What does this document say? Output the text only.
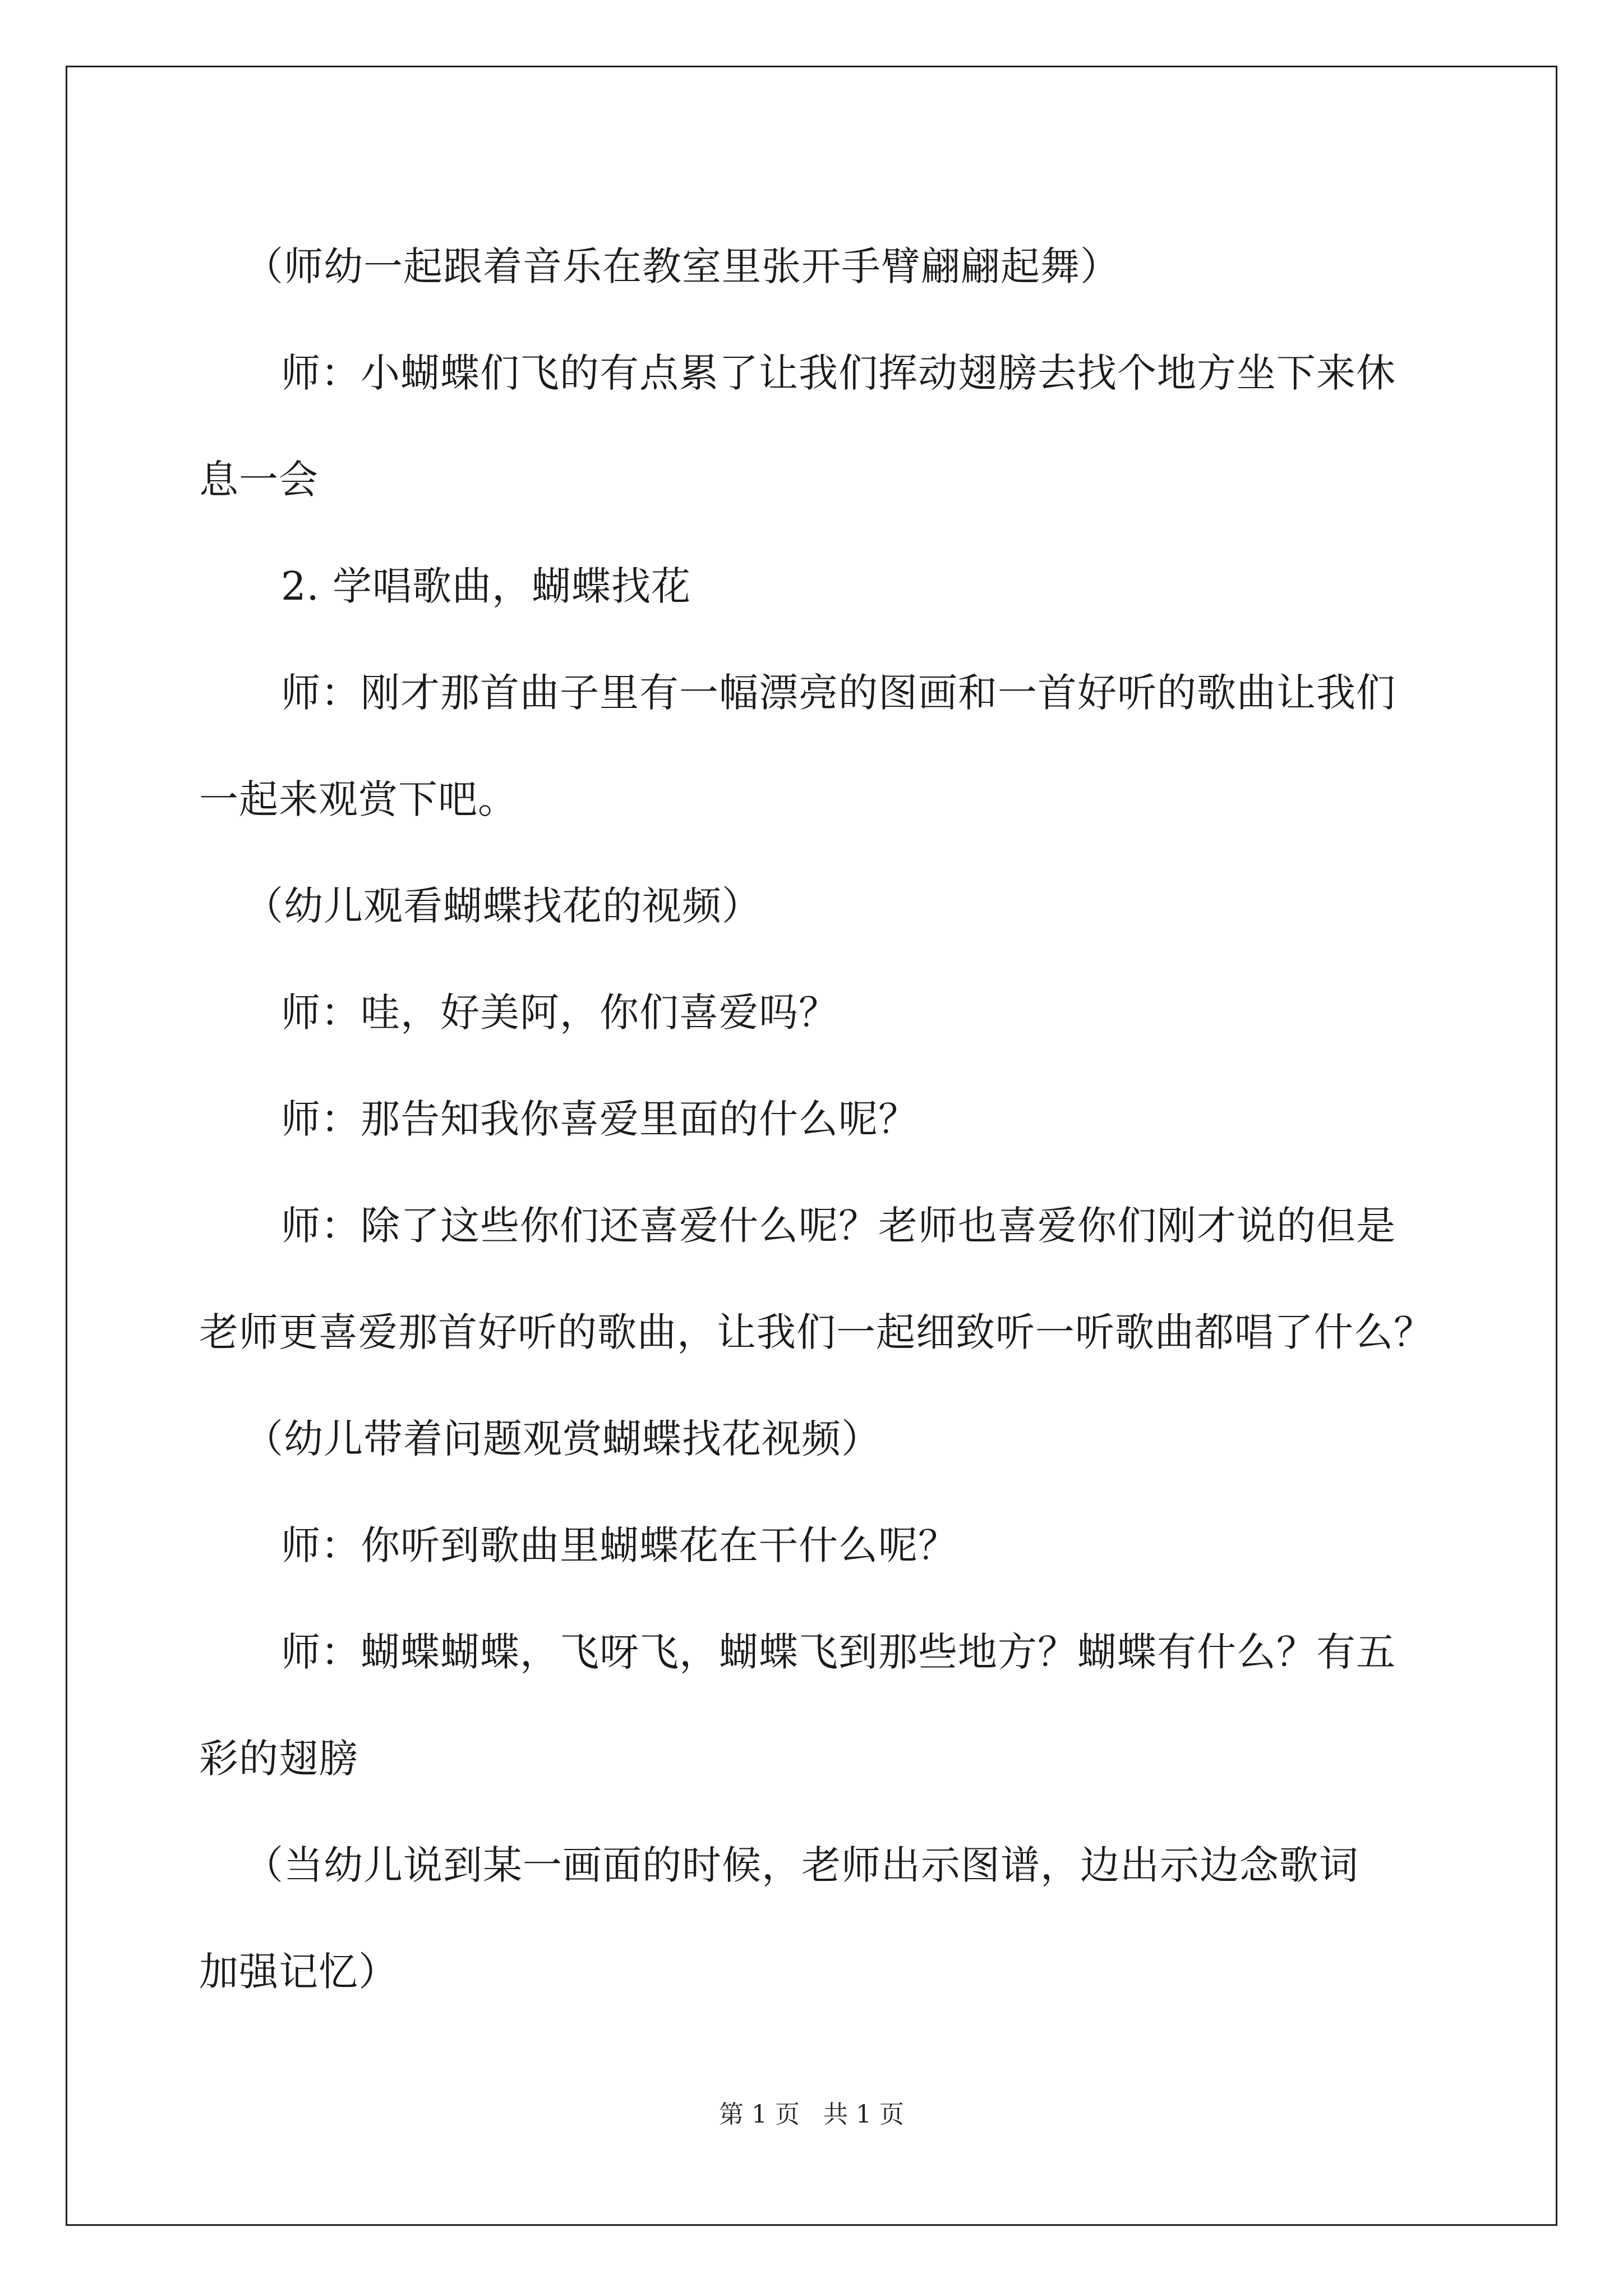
（师幼一起跟着音乐在教室里张开手臂翩翩起舞）

师：小蝴蝶们飞的有点累了让我们挥动翅膀去找个地方坐下来休

息一会

2. 学唱歌曲，蝴蝶找花

师：刚才那首曲子里有一幅漂亮的图画和一首好听的歌曲让我们

一起来观赏下吧。

（幼儿观看蝴蝶找花的视频）

师：哇，好美阿，你们喜爱吗？

师：那告知我你喜爱里面的什么呢？

师：除了这些你们还喜爱什么呢？老师也喜爱你们刚才说的但是

老师更喜爱那首好听的歌曲，让我们一起细致听一听歌曲都唱了什么？

（幼儿带着问题观赏蝴蝶找花视频）

师：你听到歌曲里蝴蝶花在干什么呢？

师：蝴蝶蝴蝶，飞呀飞，蝴蝶飞到那些地方？蝴蝶有什么？有五

彩的翅膀

（当幼儿说到某一画面的时候，老师出示图谱，边出示边念歌词

加强记忆）

第 1 页 共 1 页
